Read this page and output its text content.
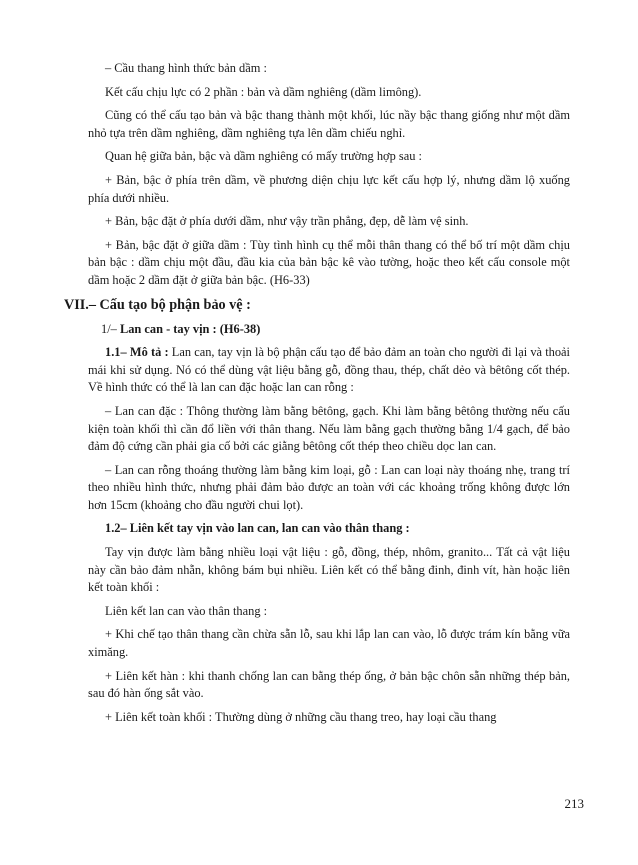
– Cầu thang hình thức bản dầm :

Kết cấu chịu lực có 2 phần : bản và dầm nghiêng (dầm limông).

Cũng có thể cấu tạo bản và bậc thang thành một khối, lúc nầy bậc thang giống như một dầm nhỏ tựa trên dầm nghiêng, dầm nghiêng tựa lên dầm chiếu nghỉ.

Quan hệ giữa bản, bậc và dầm nghiêng có mấy trường hợp sau :

+ Bản, bậc ở phía trên dầm, về phương diện chịu lực kết cấu hợp lý, nhưng dầm lộ xuống phía dưới nhiều.

+ Bản, bậc đặt ở phía dưới dầm, như vậy trần phẳng, đẹp, dễ làm vệ sinh.

+ Bản, bậc đặt ở giữa dầm : Tùy tình hình cụ thể mỗi thân thang có thể bố trí một dầm chịu bản bậc : dầm chịu một đầu, đầu kia của bản bậc kê vào tường, hoặc theo kết cấu console một dầm hoặc 2 dầm đặt ở giữa bản bậc. (H6-33)

VII.– Cấu tạo bộ phận bảo vệ :

1/– Lan can - tay vịn : (H6-38)

1.1– Mô tả : Lan can, tay vịn là bộ phận cấu tạo để bảo đảm an toàn cho người đi lại và thoải mái khi sử dụng. Nó có thể dùng vật liệu bằng gỗ, đồng thau, thép, chất dẻo và bêtông cốt thép. Về hình thức có thể là lan can đặc hoặc lan can rỗng :

– Lan can đặc : Thông thường làm bằng bêtông, gạch. Khi làm bằng bêtông thường nếu cấu kiện toàn khối thì cần đổ liền với thân thang. Nếu làm bằng gạch thường bằng 1/4 gạch, để bảo đảm độ cứng cần phải gia cố bởi các giằng bêtông cốt thép theo chiều dọc lan can.

– Lan can rỗng thoáng thường làm bằng kim loại, gỗ : Lan can loại này thoáng nhẹ, trang trí theo nhiều hình thức, nhưng phải đảm bảo được an toàn với các khoảng trống không được lớn hơn 15cm (khoảng cho đầu người chui lọt).

1.2– Liên kết tay vịn vào lan can, lan can vào thân thang :

Tay vịn được làm bằng nhiều loại vật liệu : gỗ, đồng, thép, nhôm, granito... Tất cả vật liệu này cần bảo đảm nhẵn, không bám bụi nhiều. Liên kết có thể bằng đinh, đinh vít, hàn hoặc liên kết toàn khối :

Liên kết lan can vào thân thang :

+ Khi chế tạo thân thang cần chừa sẵn lỗ, sau khi lắp lan can vào, lỗ được trám kín bằng vữa ximăng.

+ Liên kết hàn : khi thanh chống lan can bằng thép ống, ở bản bậc chôn sẵn những thép bản, sau đó hàn ống sắt vào.

+ Liên kết toàn khối : Thường dùng ở những cầu thang treo, hay loại cầu thang

213
